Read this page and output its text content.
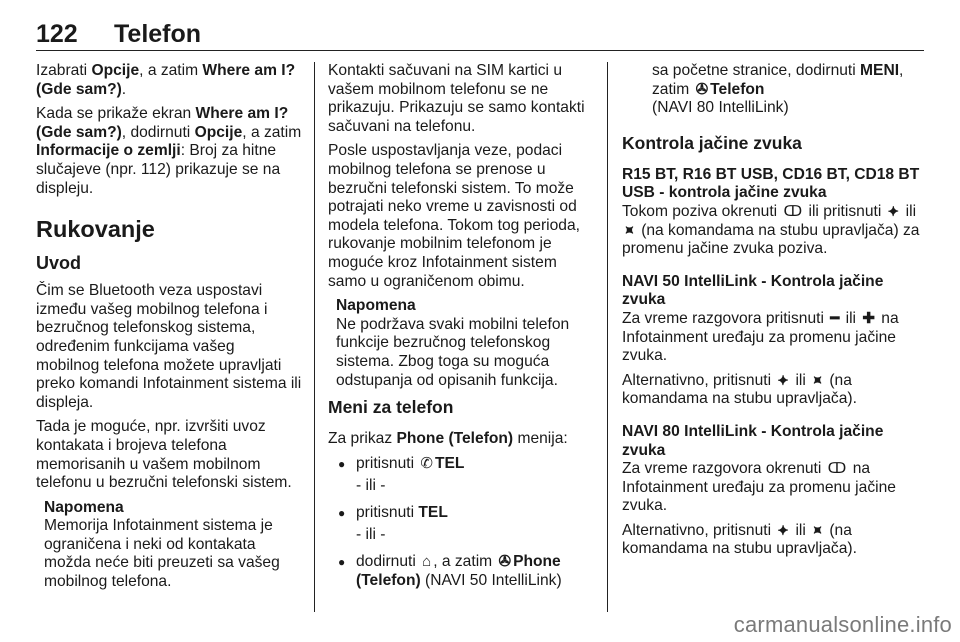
122 Telefon

Izabrati Opcije, a zatim Where am I? (Gde sam?).

Kada se prikaže ekran Where am I? (Gde sam?), dodirnuti Opcije, a zatim Informacije o zemlji: Broj za hitne slučajeve (npr. 112) prikazuje se na displeju.

Rukovanje
Uvod

Čim se Bluetooth veza uspostavi između vašeg mobilnog telefona i bezručnog telefonskog sistema, određenim funkcijama vašeg mobilnog telefona možete upravljati preko komandi Infotainment sistema ili displeja.

Tada je moguće, npr. izvršiti uvoz kontakata i brojeva telefona memorisanih u vašem mobilnom telefonu u bezručni telefonski sistem.

Napomena
Memorija Infotainment sistema je ograničena i neki od kontakata možda neće biti preuzeti sa vašeg mobilnog telefona.

Kontakti sačuvani na SIM kartici u vašem mobilnom telefonu se ne prikazuju. Prikazuju se samo kontakti sačuvani na telefonu.

Posle uspostavljanja veze, podaci mobilnog telefona se prenose u bezručni telefonski sistem. To može potrajati neko vreme u zavisnosti od modela telefona. Tokom tog perioda, rukovanje mobilnim telefonom je moguće kroz Infotainment sistem samo u ograničenom obimu.

Napomena
Ne podržava svaki mobilni telefon funkcije bezručnog telefonskog sistema. Zbog toga su moguća odstupanja od opisanih funkcija.
Meni za telefon

Za prikaz Phone (Telefon) menija:

● pritisnuti ✆ TEL
- ili -
● pritisnuti TEL
- ili -
● dodirnuti ⌂ , a zatim ✇ Phone (Telefon) (NAVI 50 IntelliLink)
sa početne stranice, dodirnuti MENI, zatim ✇ Telefon
(NAVI 80 IntelliLink)
Kontrola jačine zvuka
R15 BT, R16 BT USB, CD16 BT, CD18 BT USB - kontrola jačine zvuka

Tokom poziva okrenuti ↀ ili pritisnuti ⯌ ili ⯍ (na komandama na stubu upravljača) za promenu jačine zvuka poziva.

NAVI 50 IntelliLink - Kontrola jačine zvuka

Za vreme razgovora pritisnuti ━ ili ✚ na Infotainment uređaju za promenu jačine zvuka.

Alternativno, pritisnuti ⯌ ili ⯍ (na komandama na stubu upravljača).

NAVI 80 IntelliLink - Kontrola jačine zvuka

Za vreme razgovora okrenuti ↀ na Infotainment uređaju za promenu jačine zvuka.

Alternativno, pritisnuti ⯌ ili ⯍ (na komandama na stubu upravljača).

carmanualsonline.info
